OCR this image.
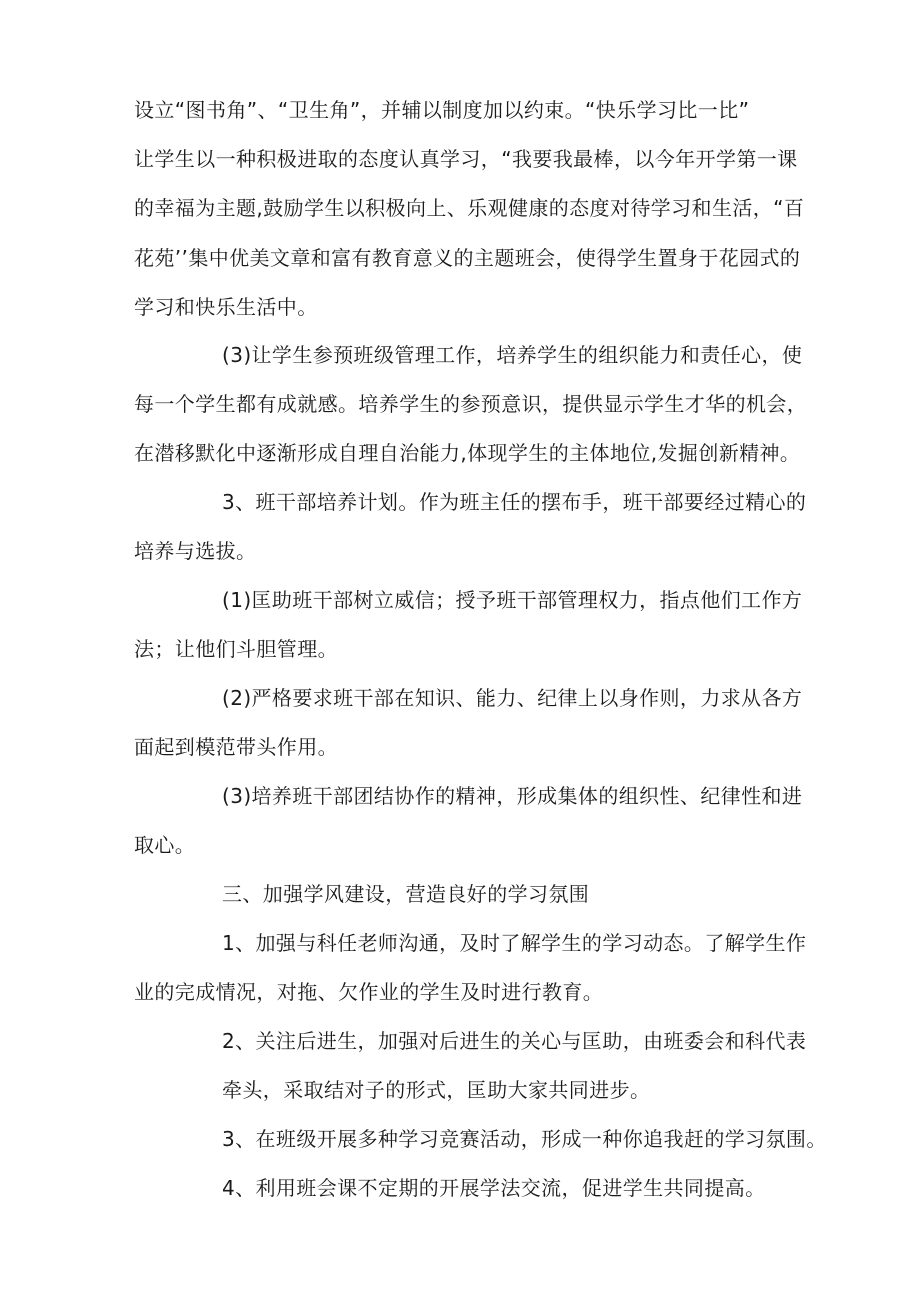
设立“图书角”、“卫生角”，并辅以制度加以约束。“快乐学习比一比”
让学生以一种积极进取的态度认真学习，“我要我最棒，以今年开学第一课
的幸福为主题,鼓励学生以积极向上、乐观健康的态度对待学习和生活，“百
花苑’’集中优美文章和富有教育意义的主题班会，使得学生置身于花园式的
学习和快乐生活中。
(3)让学生参预班级管理工作，培养学生的组织能力和责任心，使
每一个学生都有成就感。培养学生的参预意识，提供显示学生才华的机会，
在潜移默化中逐渐形成自理自治能力,体现学生的主体地位,发掘创新精神。
3、班干部培养计划。作为班主任的摆布手，班干部要经过精心的
培养与选拔。
(1)匡助班干部树立威信；授予班干部管理权力，指点他们工作方
法；让他们斗胆管理。
(2)严格要求班干部在知识、能力、纪律上以身作则，力求从各方
面起到模范带头作用。
(3)培养班干部团结协作的精神，形成集体的组织性、纪律性和进
取心。
三、加强学风建设，营造良好的学习氛围
1、加强与科任老师沟通，及时了解学生的学习动态。了解学生作
业的完成情况，对拖、欠作业的学生及时进行教育。
2、关注后进生，加强对后进生的关心与匡助，由班委会和科代表
牵头，采取结对子的形式，匡助大家共同进步。
3、在班级开展多种学习竞赛活动，形成一种你追我赶的学习氛围。
4、利用班会课不定期的开展学法交流，促进学生共同提高。
